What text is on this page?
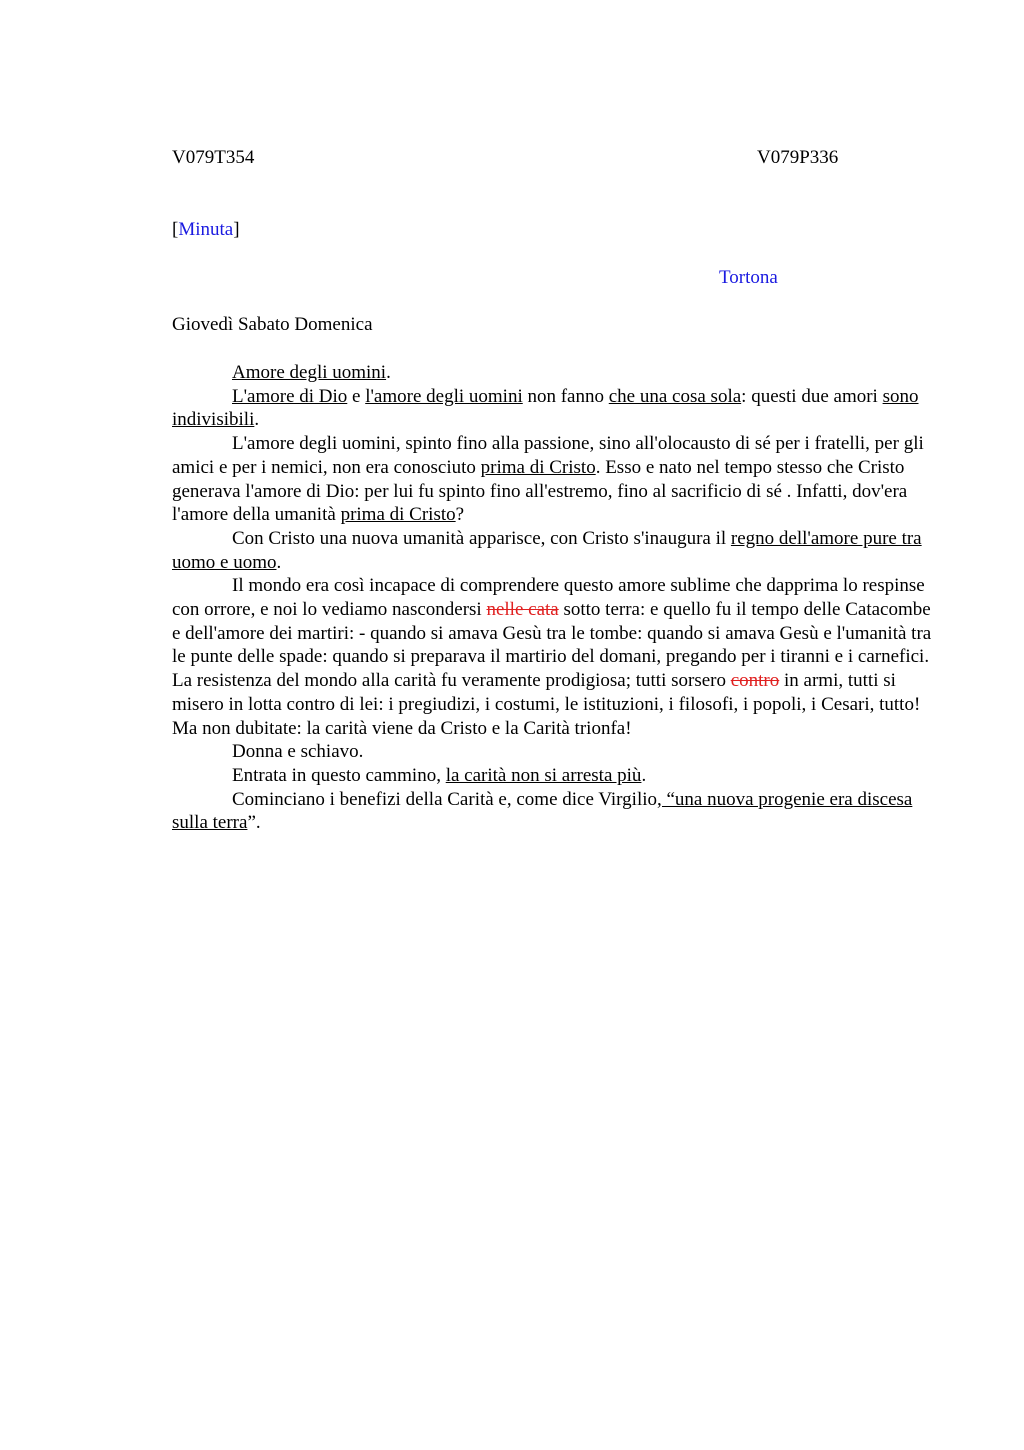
V079T354	V079P336
[Minuta]
Tortona
Giovedì Sabato Domenica

Amore degli uomini.

L'amore di Dio e l'amore degli uomini non fanno che una cosa sola: questi due amori sono indivisibili.

L'amore degli uomini, spinto fino alla passione, sino all'olocausto di sé per i fratelli, per gli amici e per i nemici, non era conosciuto prima di Cristo. Esso e nato nel tempo stesso che Cristo generava l'amore di Dio: per lui fu spinto fino all'estremo, fino al sacrificio di sé . Infatti, dov'era l'amore della umanità prima di Cristo?

Con Cristo una nuova umanità apparisce, con Cristo s'inaugura il regno dell'amore pure tra uomo e uomo.

Il mondo era così incapace di comprendere questo amore sublime che dapprima lo respinse con orrore, e noi lo vediamo nascondersi nelle cata sotto terra: e quello fu il tempo delle Catacombe e dell'amore dei martiri: - quando si amava Gesù tra le tombe: quando si amava Gesù e l'umanità tra le punte delle spade: quando si preparava il martirio del domani, pregando per i tiranni e i carnefici. La resistenza del mondo alla carità fu veramente prodigiosa; tutti sorsero contro in armi, tutti si misero in lotta contro di lei: i pregiudizi, i costumi, le istituzioni, i filosofi, i popoli, i Cesari, tutto! Ma non dubitate: la carità viene da Cristo e la Carità trionfa!

Donna e schiavo.

Entrata in questo cammino, la carità non si arresta più.

Cominciano i benefizi della Carità e, come dice Virgilio, “una nuova progenie era discesa sulla terra”.
